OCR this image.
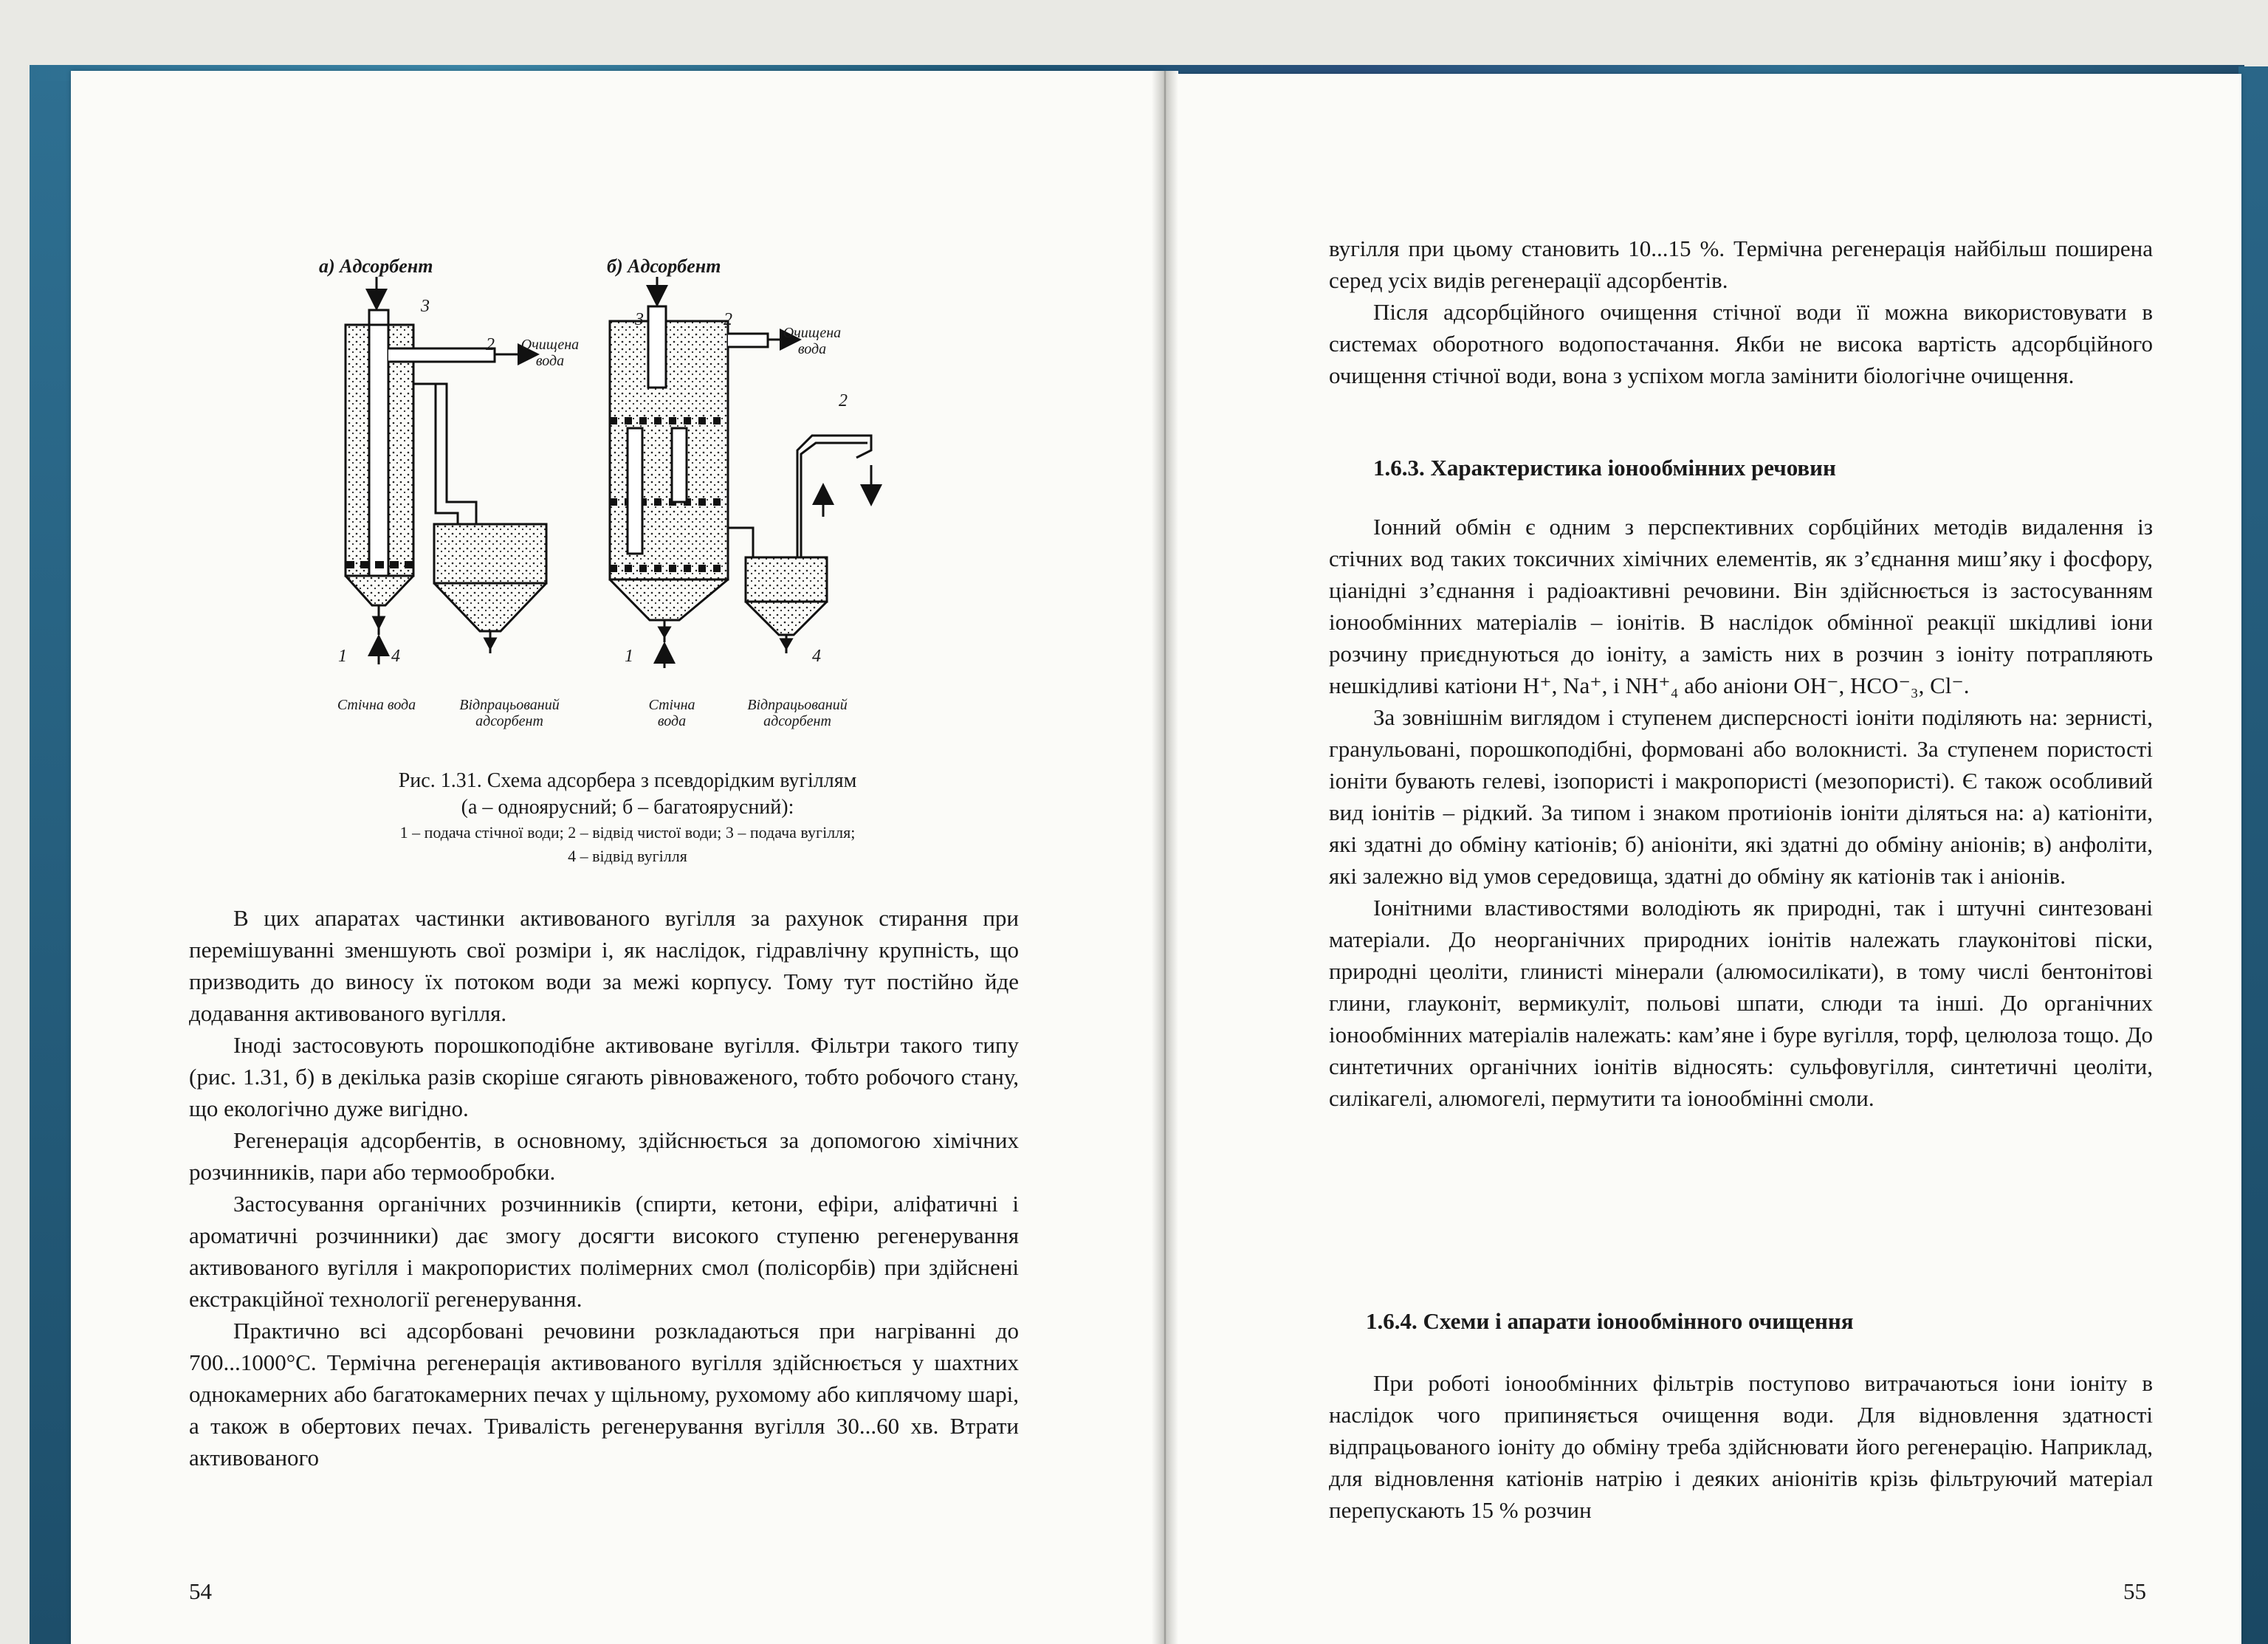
а) Адсорбент	б) Адсорбент
3
2
1	4
3	2
2
1	4
Очищена вода
Очищена вода
Стічна вода	Відпрацьований адсорбент
Стічна вода
Відпрацьований адсорбент
Рис. 1.31. Схема адсорбера з псевдорідким вугіллям
(а – одноярусний; б – багатоярусний):
1 – подача стічної води; 2 – відвід чистої води; 3 – подача вугілля;
4 – відвід вугілля

В цих апаратах частинки активованого вугілля за рахунок стирання при перемішуванні зменшують свої розміри і, як наслідок, гідравлічну крупність, що призводить до виносу їх потоком води за межі корпусу. Тому тут постійно йде додавання активованого вугілля.

Іноді застосовують порошкоподібне активоване вугілля. Фільтри такого типу (рис. 1.31, б) в декілька разів скоріше сягають рівноваженого, тобто робочого стану, що екологічно дуже вигідно.

Регенерація адсорбентів, в основному, здійснюється за допомогою хімічних розчинників, пари або термообробки.

Застосування органічних розчинників (спирти, кетони, ефіри, аліфатичні і ароматичні розчинники) дає змогу досягти високого ступеню регенерування активованого вугілля і макропористих полімерних смол (полісорбів) при здійснені екстракційної технології регенерування.

Практично всі адсорбовані речовини розкладаються при нагріванні до 700...1000°С. Термічна регенерація активованого вугілля здійснюється у шахтних однокамерних або багатокамерних печах у щільному, рухомому або киплячому шарі, а також в обертових печах. Тривалість регенерування вугілля 30...60 хв. Втрати активованого

54

вугілля при цьому становить 10...15 %. Термічна регенерація найбільш поширена серед усіх видів регенерації адсорбентів.

Після адсорбційного очищення стічної води її можна використовувати в системах оборотного водопостачання. Якби не висока вартість адсорбційного очищення стічної води, вона з успіхом могла замінити біологічне очищення.

1.6.3. Характеристика іонообмінних речовин

Іонний обмін є одним з перспективних сорбційних методів видалення із стічних вод таких токсичних хімічних елементів, як з’єднання миш’яку і фосфору, ціанідні з’єднання і радіоактивні речовини. Він здійснюється із застосуванням іонообмінних матеріалів – іонітів. В наслідок обмінної реакції шкідливі іони розчину приєднуються до іоніту, а замість них в розчин з іоніту потрапляють нешкідливі катіони H⁺, Na⁺, і NH⁺₄ або аніони OH⁻, HCO⁻₃, Cl⁻.

За зовнішнім виглядом і ступенем дисперсності іоніти поділяють на: зернисті, гранульовані, порошкоподібні, формовані або волокнисті. За ступенем пористості іоніти бувають гелеві, ізопористі і макропористі (мезопористі). Є також особливий вид іонітів – рідкий. За типом і знаком протиіонів іоніти діляться на: а) катіоніти, які здатні до обміну катіонів; б) аніоніти, які здатні до обміну аніонів; в) анфоліти, які залежно від умов середовища, здатні до обміну як катіонів так і аніонів.

Іонітними властивостями володіють як природні, так і штучні синтезовані матеріали. До неорганічних природних іонітів належать глауконітові піски, природні цеоліти, глинисті мінерали (алюмосилікати), в тому числі бентонітові глини, глауконіт, вермикуліт, польові шпати, слюди та інші. До органічних іонообмінних матеріалів належать: кам’яне і буре вугілля, торф, целюлоза тощо. До синтетичних органічних іонітів відносять: сульфовугілля, синтетичні цеоліти, силікагелі, алюмогелі, пермутити та іонообмінні смоли.

1.6.4. Схеми і апарати іонообмінного очищення

При роботі іонообмінних фільтрів поступово витрачаються іони іоніту в наслідок чого припиняється очищення води. Для відновлення здатності відпрацьованого іоніту до обміну треба здійснювати його регенерацію. Наприклад, для відновлення катіонів натрію і деяких аніонітів крізь фільтруючий матеріал перепускають 15 % розчин

55
